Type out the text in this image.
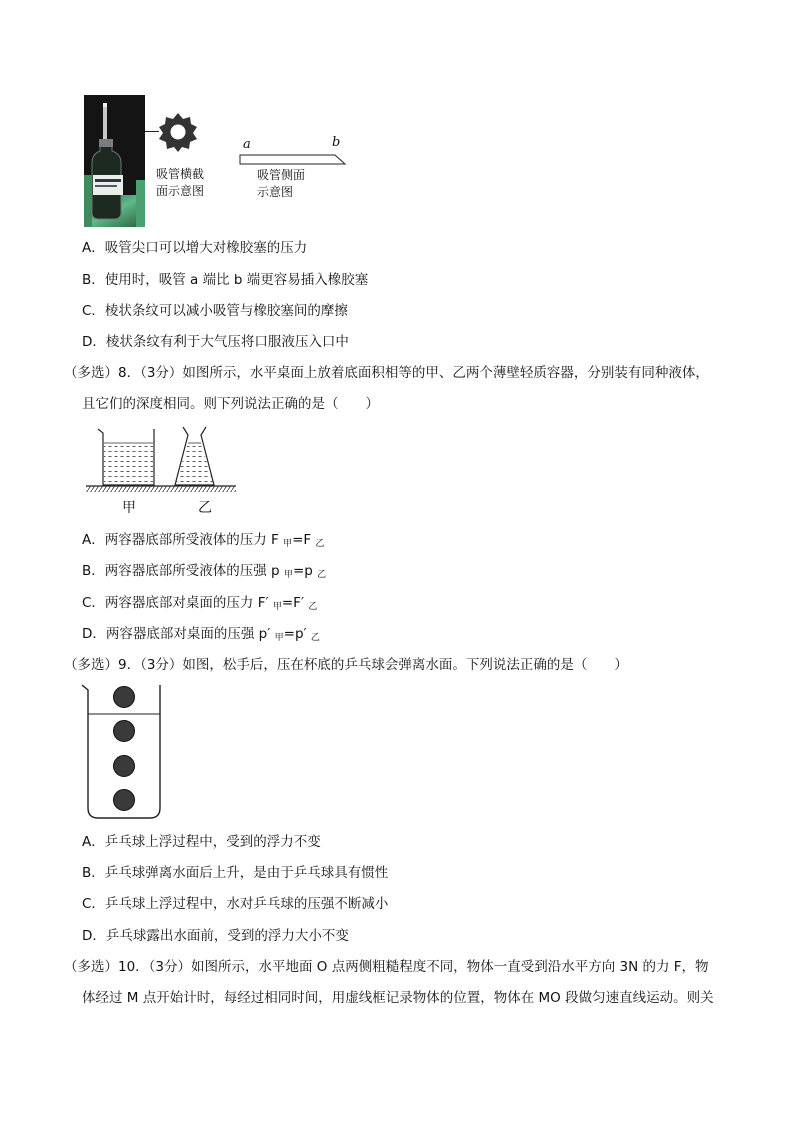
吸管横截
面示意图
a	b
吸管侧面
示意图
A．吸管尖口可以增大对橡胶塞的压力
B．使用时，吸管 a 端比 b 端更容易插入橡胶塞
C．棱状条纹可以减小吸管与橡胶塞间的摩擦
D．棱状条纹有利于大气压将口服液压入口中
（多选）8．（3分）如图所示，水平桌面上放着底面积相等的甲、乙两个薄壁轻质容器，分别装有同种液体，
且它们的深度相同。则下列说法正确的是（　　）
甲	乙
A．两容器底部所受液体的压力 F $_甲$=F $_乙$
B．两容器底部所受液体的压强 p $_甲$=p $_乙$
C．两容器底部对桌面的压力 F′ $_甲$=F′ $_乙$
D．两容器底部对桌面的压强 p′ $_甲$=p′ $_乙$
（多选）9．（3分）如图，松手后，压在杯底的乒乓球会弹离水面。下列说法正确的是（　　）
A．乒乓球上浮过程中，受到的浮力不变
B．乒乓球弹离水面后上升，是由于乒乓球具有惯性
C．乒乓球上浮过程中，水对乒乓球的压强不断减小
D．乒乓球露出水面前，受到的浮力大小不变
（多选）10．（3分）如图所示，水平地面 O 点两侧粗糙程度不同，物体一直受到沿水平方向 3N 的力 F，物
体经过 M 点开始计时，每经过相同时间，用虚线框记录物体的位置，物体在 MO 段做匀速直线运动。则关
